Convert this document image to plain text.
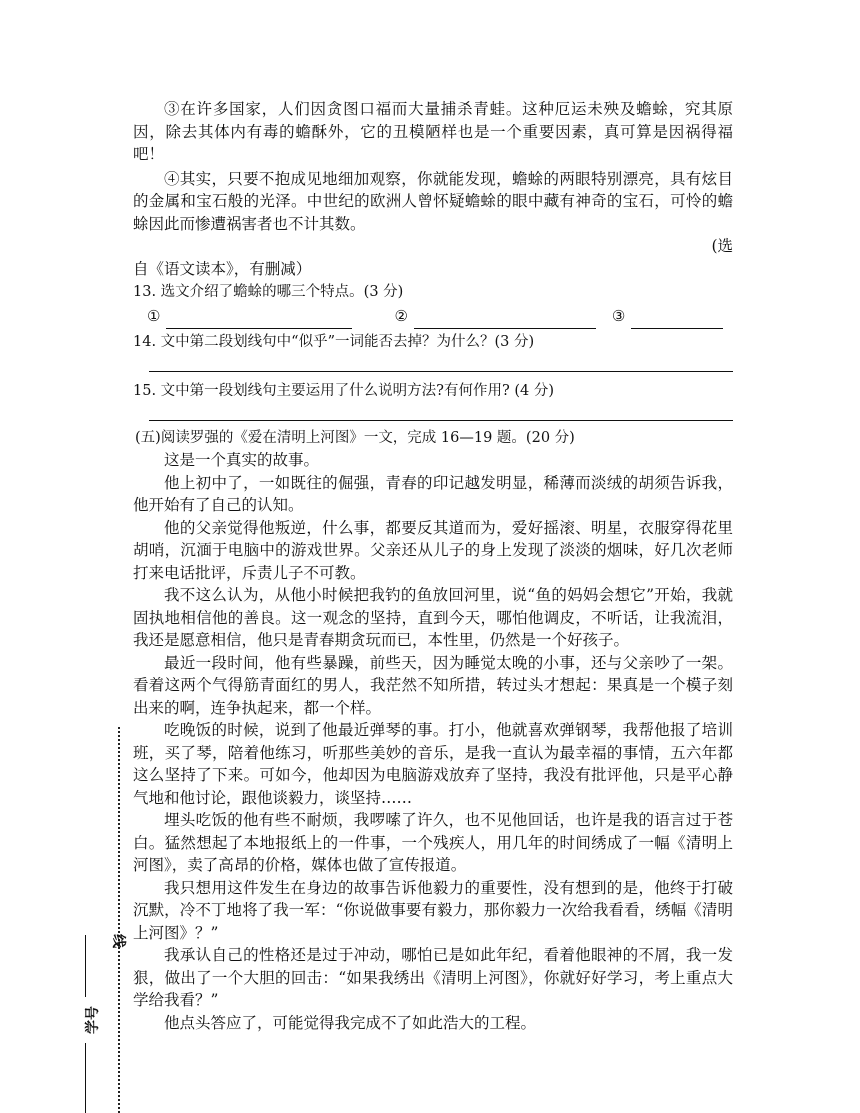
③在许多国家，人们因贪图口福而大量捕杀青蛙。这种厄运未殃及蟾蜍，究其原因，除去其体内有毒的蟾酥外，它的丑模陋样也是一个重要因素，真可算是因祸得福吧！

④其实，只要不抱成见地细加观察，你就能发现，蟾蜍的两眼特别漂亮，具有炫目的金属和宝石般的光泽。中世纪的欧洲人曾怀疑蟾蜍的眼中藏有神奇的宝石，可怜的蟾蜍因此而惨遭祸害者也不计其数。

(选

自《语文读本》，有删减）

13. 选文介绍了蟾蜍的哪三个特点。(3 分)

①	②	③

14. 文中第二段划线句中“似乎”一词能否去掉？为什么？(3 分)

15. 文中第一段划线句主要运用了什么说明方法?有何作用? (4 分)

(五)阅读罗强的《爱在清明上河图》一文，完成 16—19 题。(20 分)

这是一个真实的故事。

他上初中了，一如既往的倔强，青春的印记越发明显，稀薄而淡绒的胡须告诉我，他开始有了自己的认知。

他的父亲觉得他叛逆，什么事，都要反其道而为，爱好摇滚、明星，衣服穿得花里胡哨，沉湎于电脑中的游戏世界。父亲还从儿子的身上发现了淡淡的烟味，好几次老师打来电话批评，斥责儿子不可教。

我不这么认为，从他小时候把我钓的鱼放回河里，说“鱼的妈妈会想它”开始，我就固执地相信他的善良。这一观念的坚持，直到今天，哪怕他调皮，不听话，让我流泪，我还是愿意相信，他只是青春期贪玩而已，本性里，仍然是一个好孩子。

最近一段时间，他有些暴躁，前些天，因为睡觉太晚的小事，还与父亲吵了一架。看着这两个气得筋青面红的男人，我茫然不知所措，转过头才想起：果真是一个模子刻出来的啊，连争执起来，都一个样。

吃晚饭的时候，说到了他最近弹琴的事。打小，他就喜欢弹钢琴，我帮他报了培训班，买了琴，陪着他练习，听那些美妙的音乐，是我一直认为最幸福的事情，五六年都这么坚持了下来。可如今，他却因为电脑游戏放弃了坚持，我没有批评他，只是平心静气地和他讨论，跟他谈毅力，谈坚持……

埋头吃饭的他有些不耐烦，我啰嗦了许久，也不见他回话，也许是我的语言过于苍白。猛然想起了本地报纸上的一件事，一个残疾人，用几年的时间绣成了一幅《清明上河图》，卖了高昂的价格，媒体也做了宣传报道。

我只想用这件发生在身边的故事告诉他毅力的重要性，没有想到的是，他终于打破沉默，冷不丁地将了我一军：“你说做事要有毅力，那你毅力一次给我看看，绣幅《清明上河图》？”

我承认自己的性格还是过于冲动，哪怕已是如此年纪，看着他眼神的不屑，我一发狠，做出了一个大胆的回击：“如果我绣出《清明上河图》，你就好好学习，考上重点大学给我看？”

他点头答应了，可能觉得我完成不了如此浩大的工程。

线
学号
